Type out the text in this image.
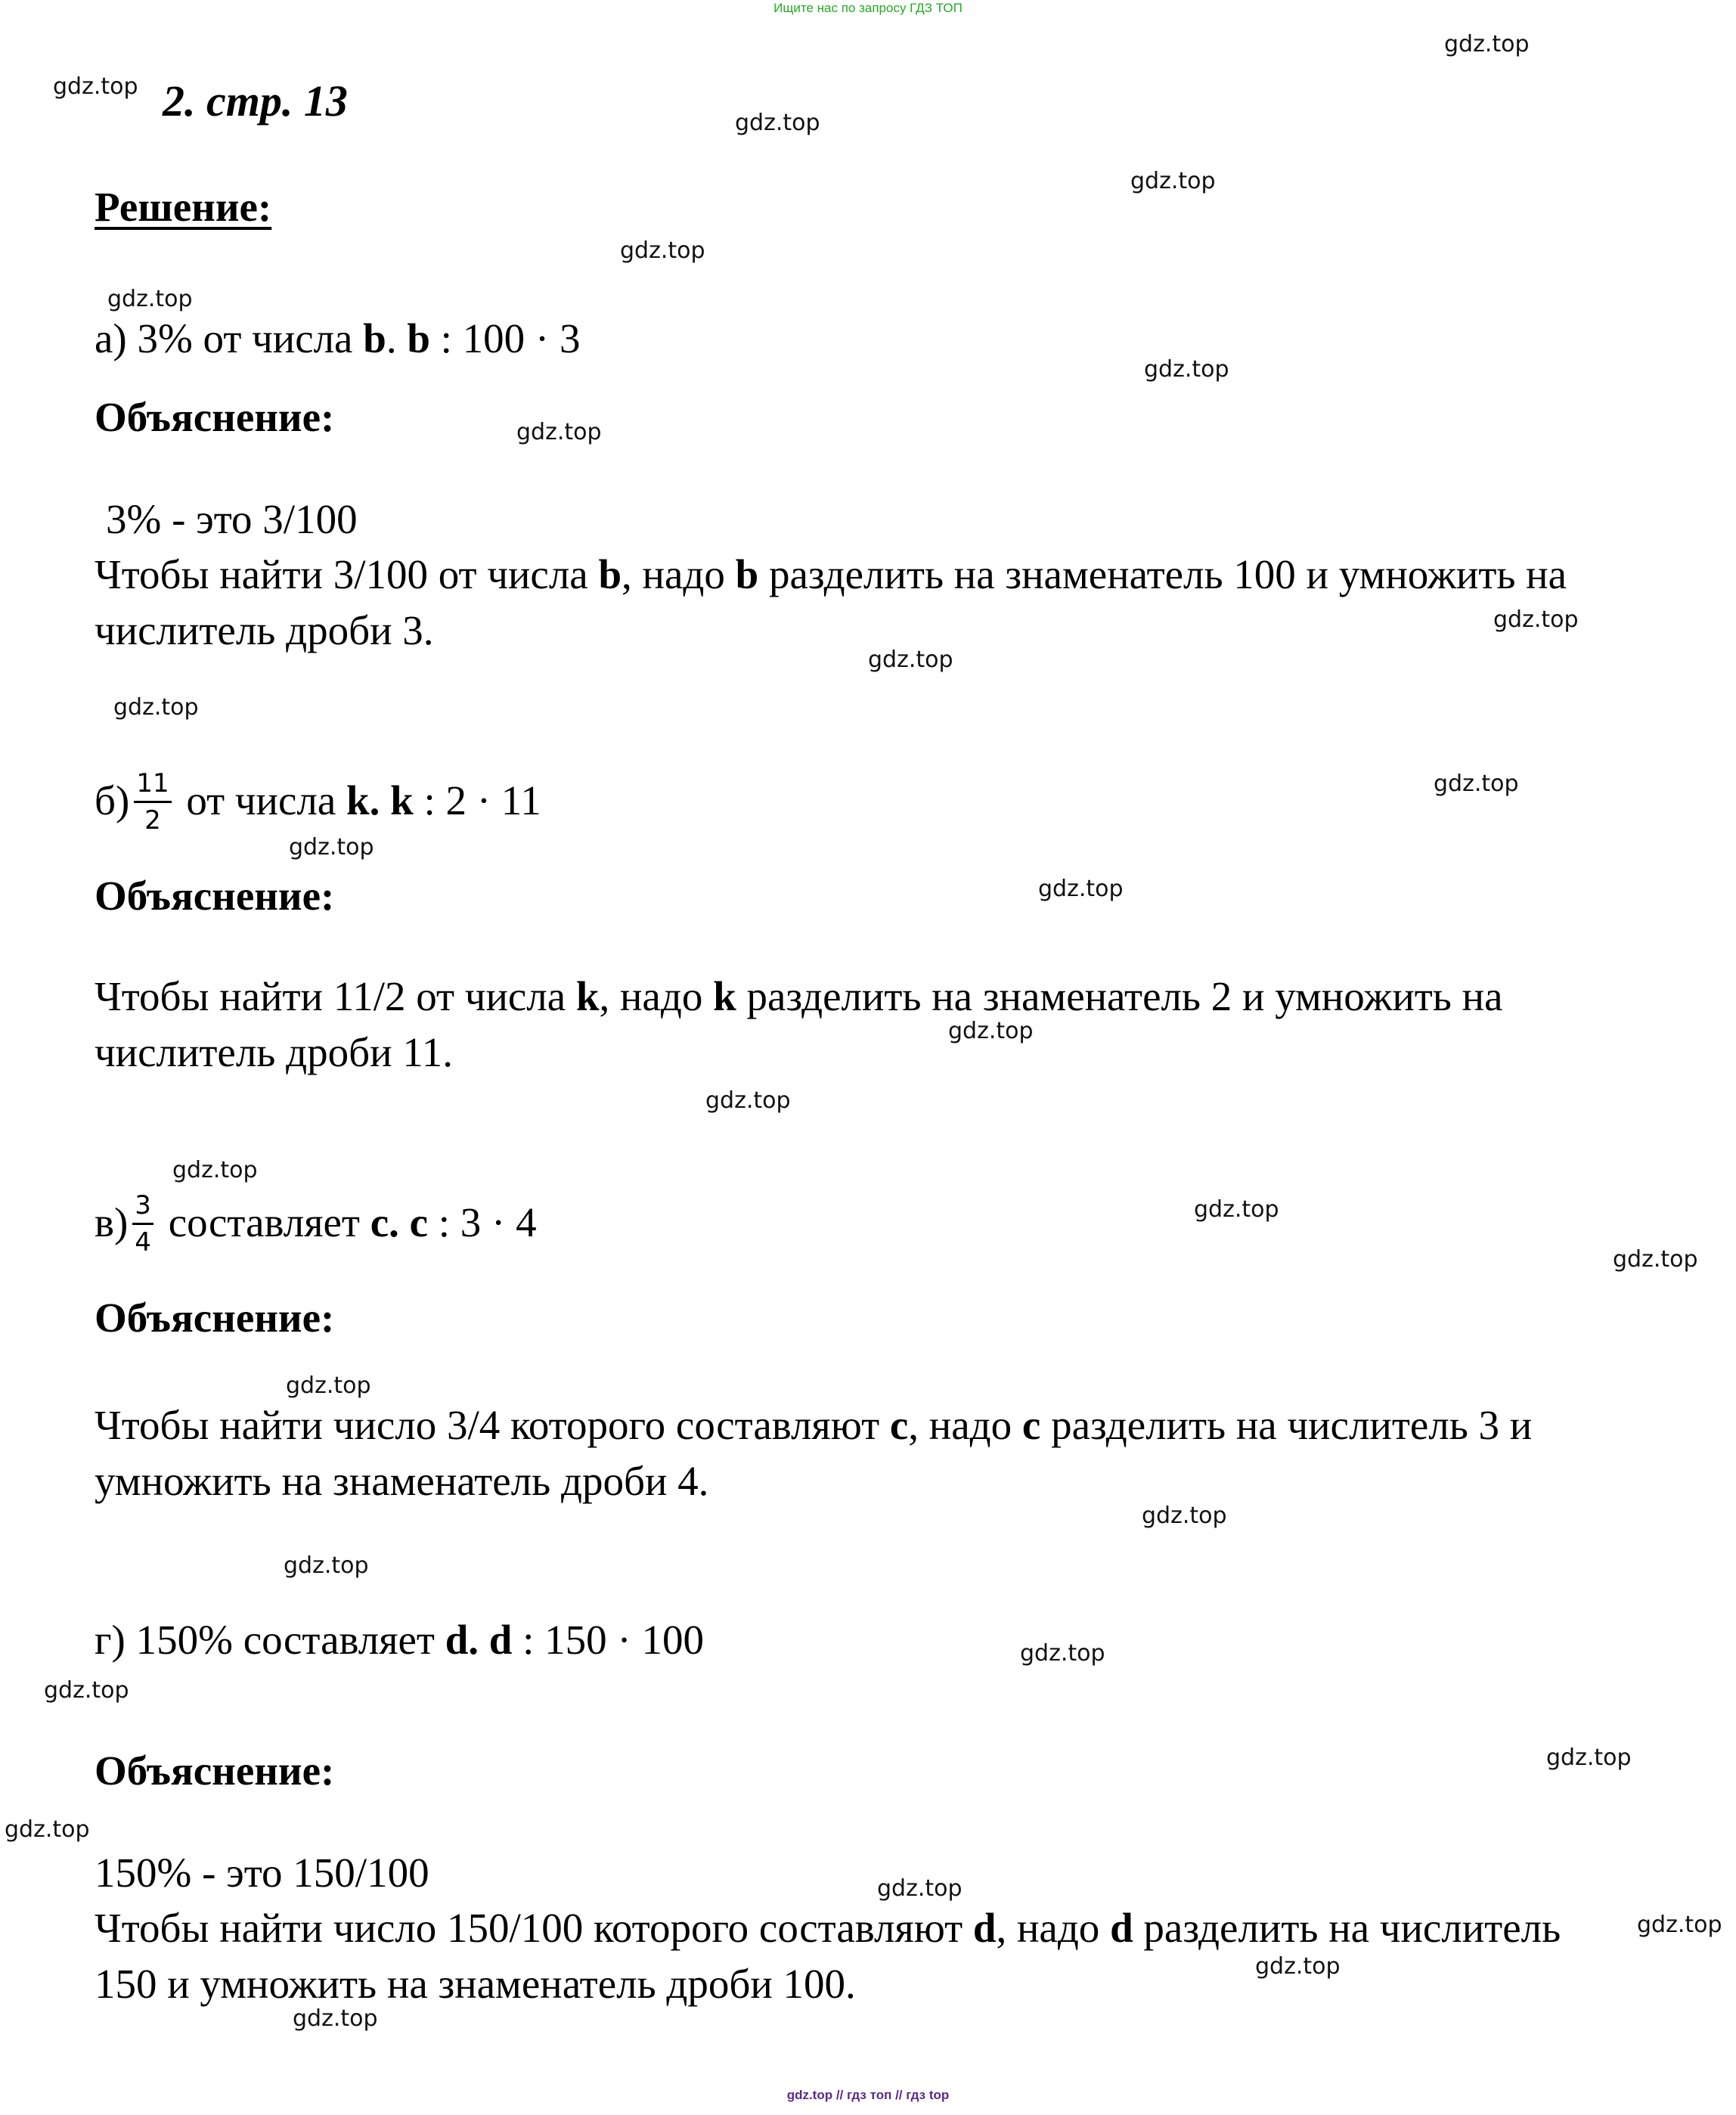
Ищите нас по запросу ГДЗ ТОП
gdz.top
gdz.top
gdz.top
gdz.top
gdz.top
gdz.top
gdz.top
gdz.top
gdz.top
gdz.top
gdz.top
gdz.top
gdz.top
gdz.top
gdz.top
gdz.top
gdz.top
gdz.top
gdz.top
gdz.top
gdz.top
gdz.top
gdz.top
gdz.top
gdz.top
gdz.top
gdz.top
gdz.top
gdz.top
gdz.top
2. стр. 13
Решение:
а) 3% от числа b. b : 100 · 3
Объяснение:
3% - это 3/100
Чтобы найти 3/100 от числа b, надо b разделить на знаменатель 100 и умножить на числитель дроби 3.
$б) \frac{11}{2}$ от числа k. k : 2 · 11
Объяснение:
Чтобы найти 11/2 от числа k, надо k разделить на знаменатель 2 и умножить на числитель дроби 11.
$в) \frac{3}{4}$ составляет c. c : 3 · 4
Объяснение:
Чтобы найти число 3/4 которого составляют c, надо c разделить на числитель 3 и умножить на знаменатель дроби 4.
г) 150% составляет d. d : 150 · 100
Объяснение:
150% - это 150/100
Чтобы найти число 150/100 которого составляют d, надо d разделить на числитель 150 и умножить на знаменатель дроби 100.
gdz.top // гдз топ // гдз top
